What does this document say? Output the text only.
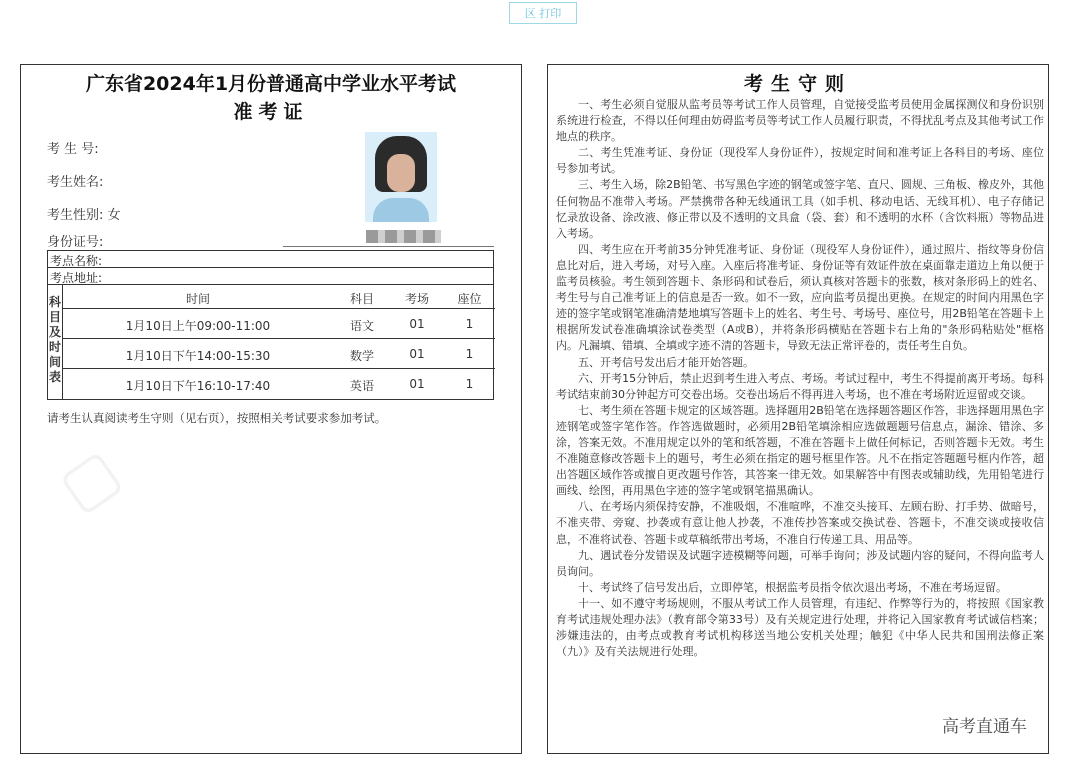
区 打印
▢
广东省2024年1月份普通高中学业水平考试
准考证
考 生 号:
考生姓名:
考生性别: 女
身份证号:
考点名称:
考点地址:
时间	科目	考场	座位
1月10日上午09:00-11:00	语文	01	1
1月10日下午14:00-15:30	数学	01	1
1月10日下午16:10-17:40	英语	01	1
科目及时间表
请考生认真阅读考生守则（见右页），按照相关考试要求参加考试。
考生守则

一、考生必须自觉服从监考员等考试工作人员管理，自觉接受监考员使用金属探测仪和身份识别系统进行检查，不得以任何理由妨碍监考员等考试工作人员履行职责，不得扰乱考点及其他考试工作地点的秩序。

二、考生凭准考证、身份证（现役军人身份证件），按规定时间和准考证上各科目的考场、座位号参加考试。

三、考生入场，除2B铅笔、书写黑色字迹的钢笔或签字笔、直尺、圆规、三角板、橡皮外，其他任何物品不准带入考场。严禁携带各种无线通讯工具（如手机、移动电话、无线耳机）、电子存储记忆录放设备、涂改液、修正带以及不透明的文具盒（袋、套）和不透明的水杯（含饮料瓶）等物品进入考场。

四、考生应在开考前35分钟凭准考证、身份证（现役军人身份证件），通过照片、指纹等身份信息比对后，进入考场，对号入座。入座后将准考证、身份证等有效证件放在桌面靠走道边上角以便于监考员核验。考生领到答题卡、条形码和试卷后，须认真核对答题卡的张数，核对条形码上的姓名、考生号与自己准考证上的信息是否一致。如不一致，应向监考员提出更换。在规定的时间内用黑色字迹的签字笔或钢笔准确清楚地填写答题卡上的姓名、考生号、考场号、座位号，用2B铅笔在答题卡上根据所发试卷准确填涂试卷类型（A或B），并将条形码横贴在答题卡右上角的"条形码粘贴处"框格内。凡漏填、错填、全填或字迹不清的答题卡，导致无法正常评卷的，责任考生自负。

五、开考信号发出后才能开始答题。

六、开考15分钟后，禁止迟到考生进入考点、考场。考试过程中，考生不得提前离开考场。每科考试结束前30分钟起方可交卷出场。交卷出场后不得再进入考场，也不准在考场附近逗留或交谈。

七、考生须在答题卡规定的区域答题。选择题用2B铅笔在选择题答题区作答，非选择题用黑色字迹钢笔或签字笔作答。作答选做题时，必须用2B铅笔填涂相应选做题题号信息点，漏涂、错涂、多涂，答案无效。不准用规定以外的笔和纸答题，不准在答题卡上做任何标记，否则答题卡无效。考生不准随意修改答题卡上的题号，考生必须在指定的题号框里作答。凡不在指定答题题号框内作答，超出答题区域作答或擅自更改题号作答，其答案一律无效。如果解答中有图表或辅助线，先用铅笔进行画线、绘图，再用黑色字迹的签字笔或钢笔描黑确认。

八、在考场内须保持安静，不准吸烟，不准喧哗，不准交头接耳、左顾右盼、打手势、做暗号，不准夹带、旁窥、抄袭或有意让他人抄袭，不准传抄答案或交换试卷、答题卡，不准交谈或接收信息，不准将试卷、答题卡或草稿纸带出考场，不准自行传递工具、用品等。

九、遇试卷分发错误及试题字迹模糊等问题，可举手询问；涉及试题内容的疑问，不得向监考人员询问。

十、考试终了信号发出后，立即停笔，根据监考员指令依次退出考场，不准在考场逗留。

十一、如不遵守考场规则，不服从考试工作人员管理，有违纪、作弊等行为的，将按照《国家教育考试违规处理办法》（教育部令第33号）及有关规定进行处理，并将记入国家教育考试诚信档案；涉嫌违法的，由考点或教育考试机构移送当地公安机关处理；触犯《中华人民共和国刑法修正案（九）》及有关法规进行处理。

高考直通车
